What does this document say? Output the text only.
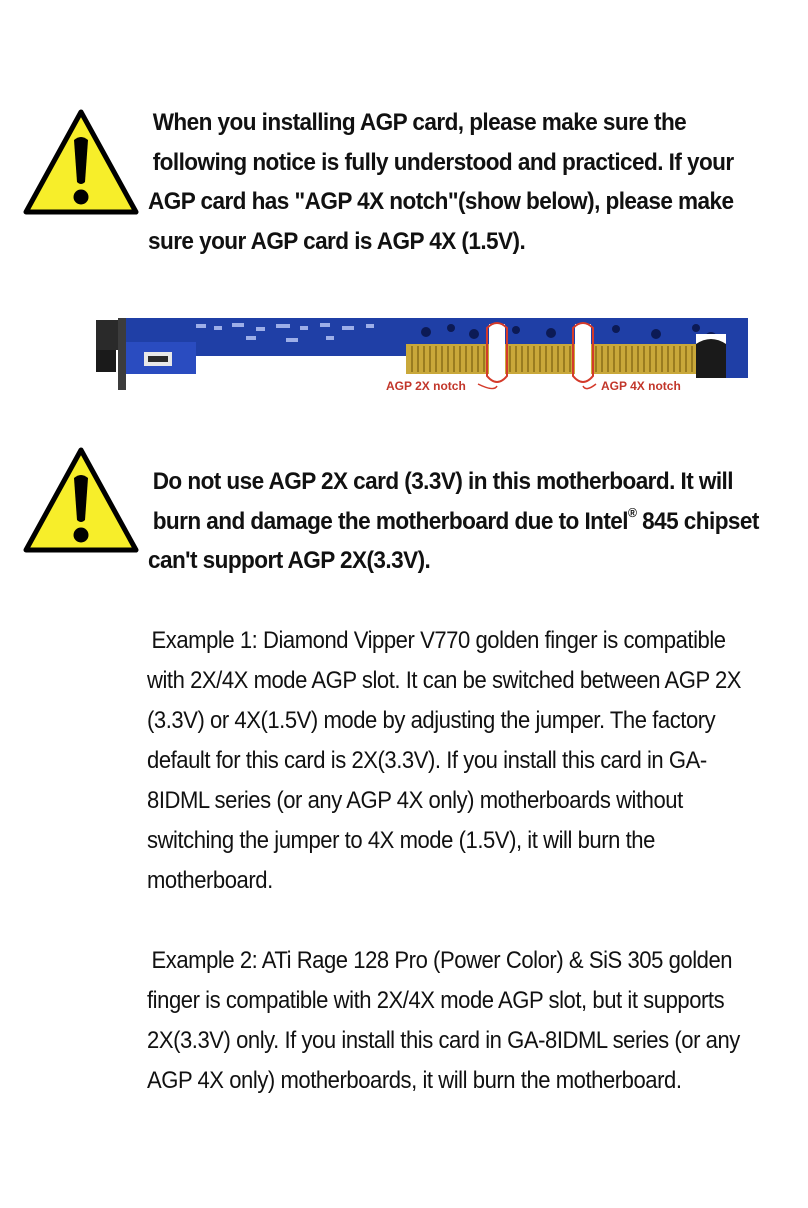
When you installing AGP card, please make sure the
following notice is fully understood and practiced. If your
AGP card has "AGP 4X notch"(show below), please make
sure your AGP card is AGP 4X (1.5V).
AGP 2X notch	AGP 4X notch
Do not use AGP 2X card (3.3V) in this motherboard. It will
burn and damage the motherboard due to Intel® 845 chipset
can't support AGP 2X(3.3V).
Example 1: Diamond Vipper V770 golden finger is compatible
with 2X/4X mode AGP slot. It can be switched between AGP 2X
(3.3V) or 4X(1.5V) mode by adjusting the jumper. The factory
default for this card is 2X(3.3V). If you install this card in GA-
8IDML series (or any AGP 4X only) motherboards without
switching the jumper to 4X mode (1.5V), it will burn the
motherboard.
Example 2: ATi Rage 128 Pro (Power Color) & SiS 305 golden
finger is compatible with 2X/4X mode AGP slot, but it supports
2X(3.3V) only. If you install this card in GA-8IDML series (or any
AGP 4X only) motherboards, it will burn the motherboard.
